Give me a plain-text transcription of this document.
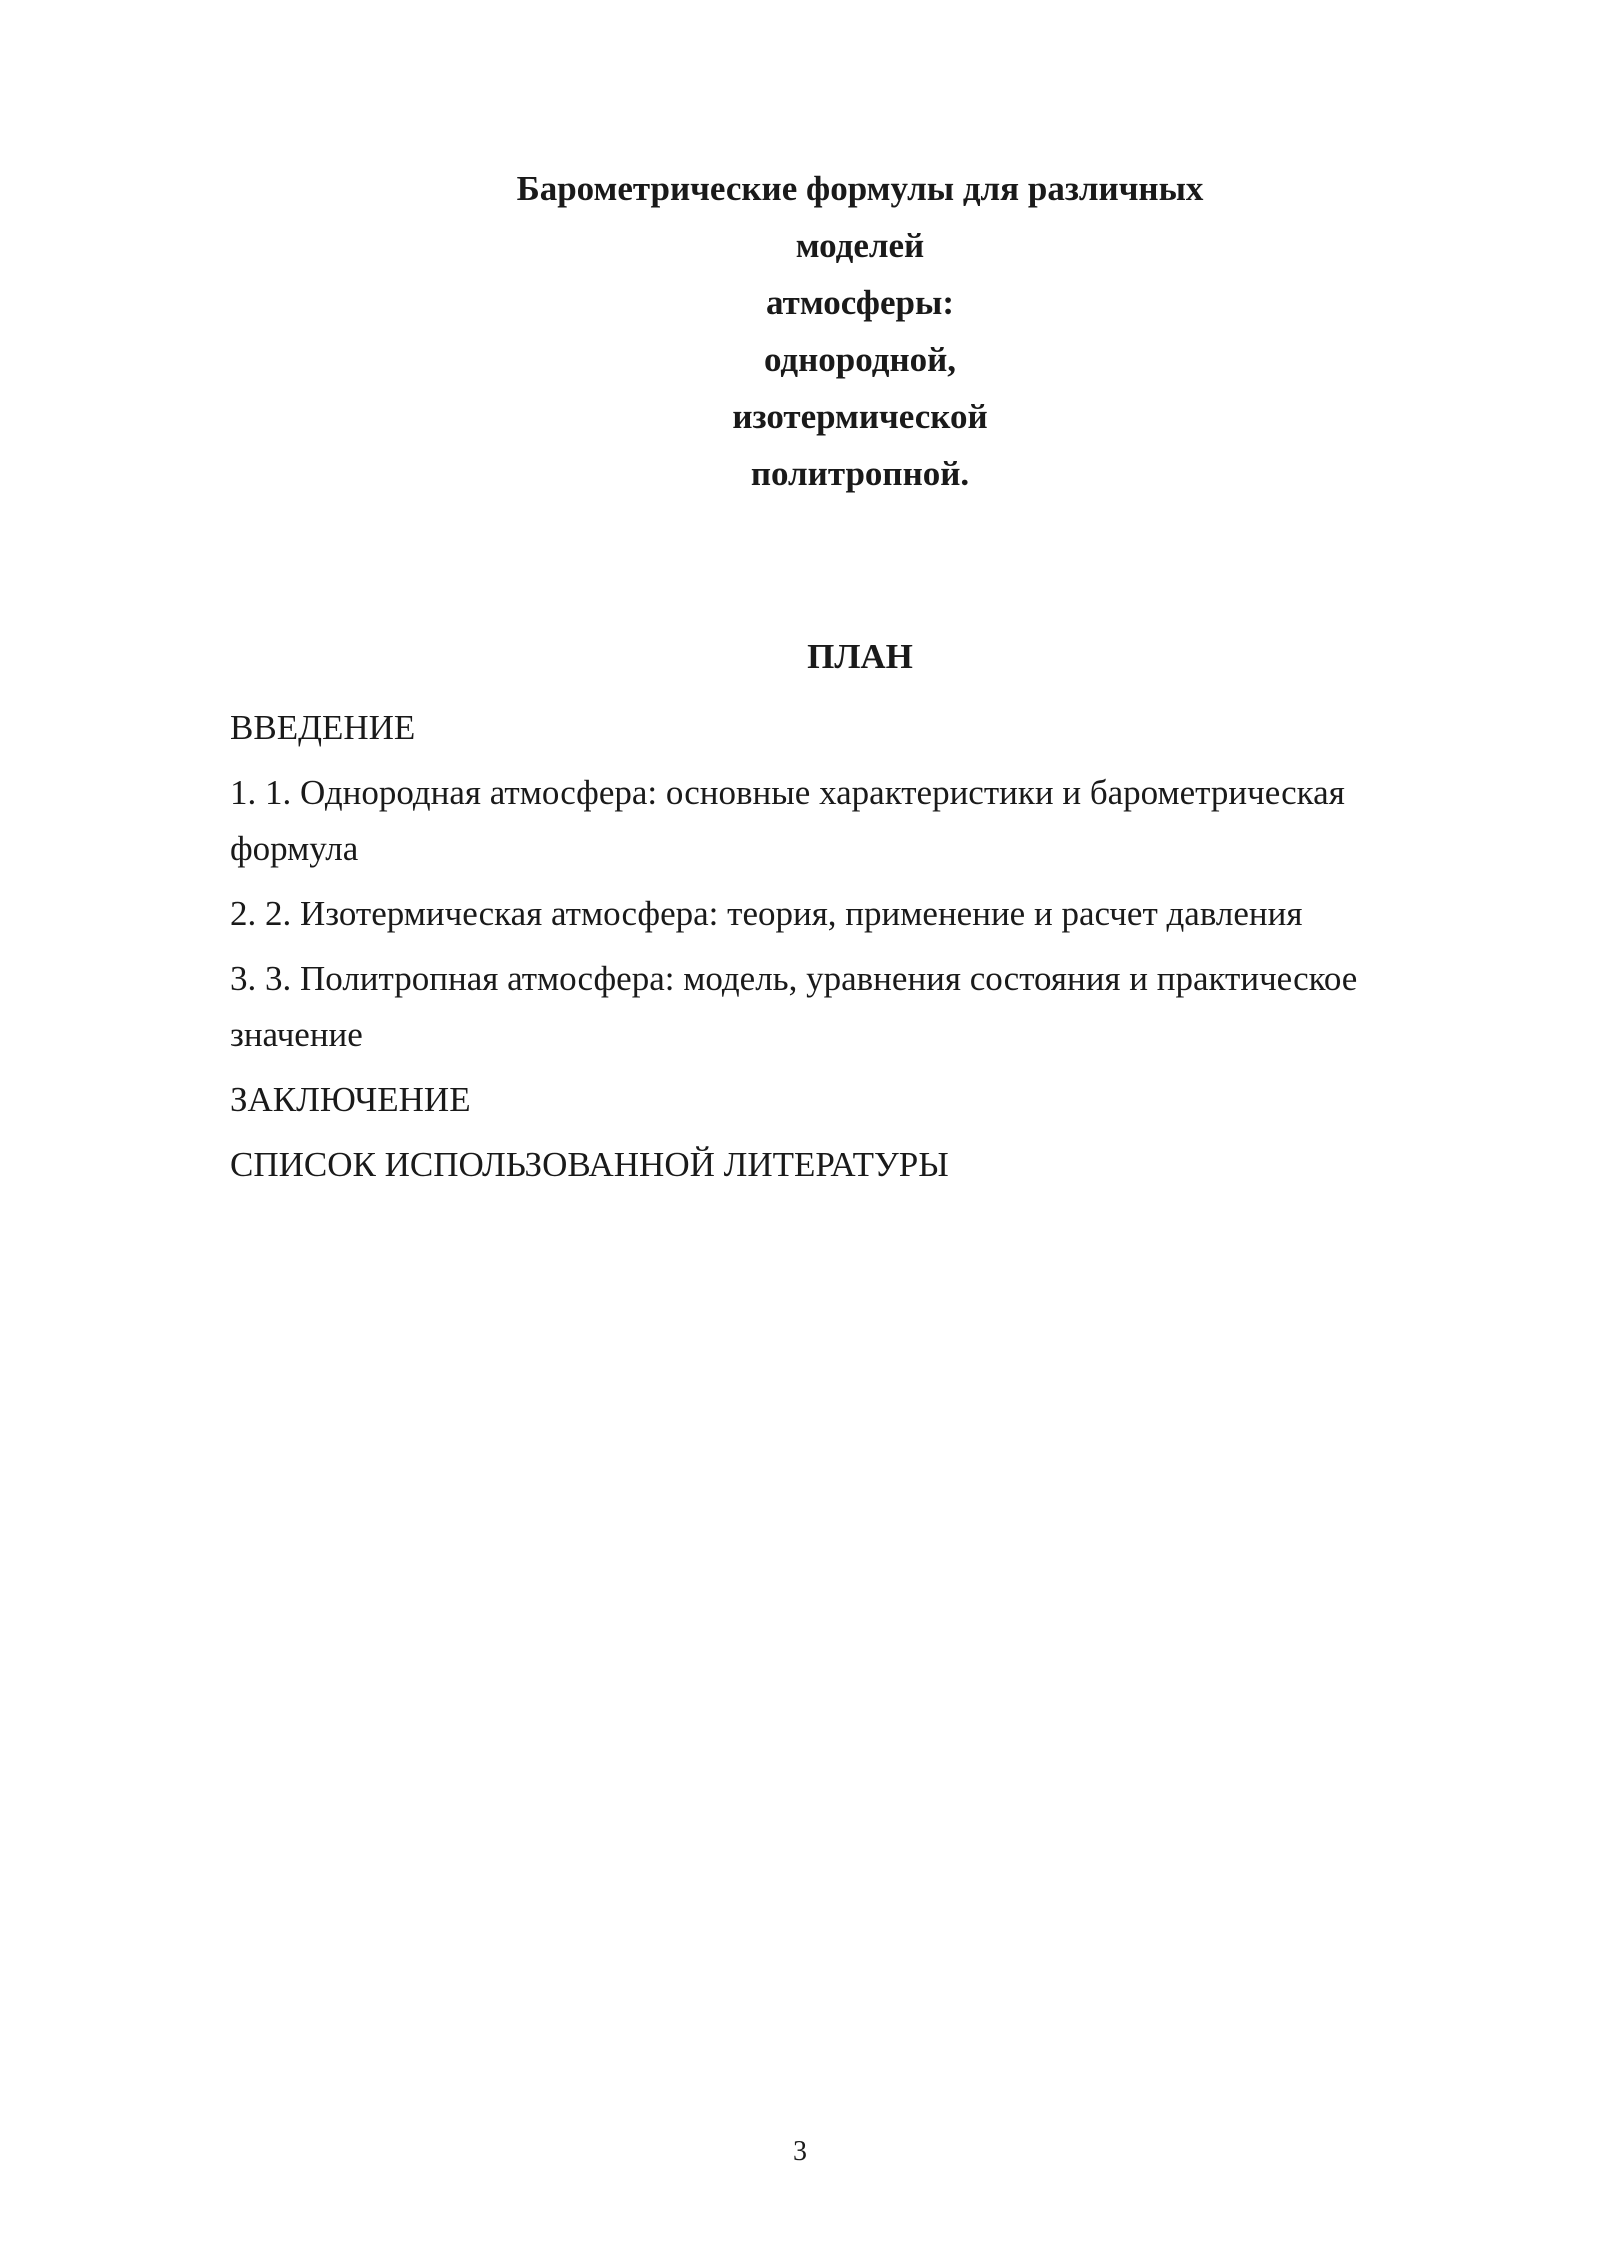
Барометрические формулы для различных
моделей
атмосферы:
однородной,
изотермической
политропной.
ПЛАН
ВВЕДЕНИЕ
1. 1. Однородная атмосфера: основные характеристики и барометрическая формула
2. 2. Изотермическая атмосфера: теория, применение и расчет давления
3. 3. Политропная атмосфера: модель, уравнения состояния и практическое значение
ЗАКЛЮЧЕНИЕ
СПИСОК ИСПОЛЬЗОВАННОЙ ЛИТЕРАТУРЫ
3
